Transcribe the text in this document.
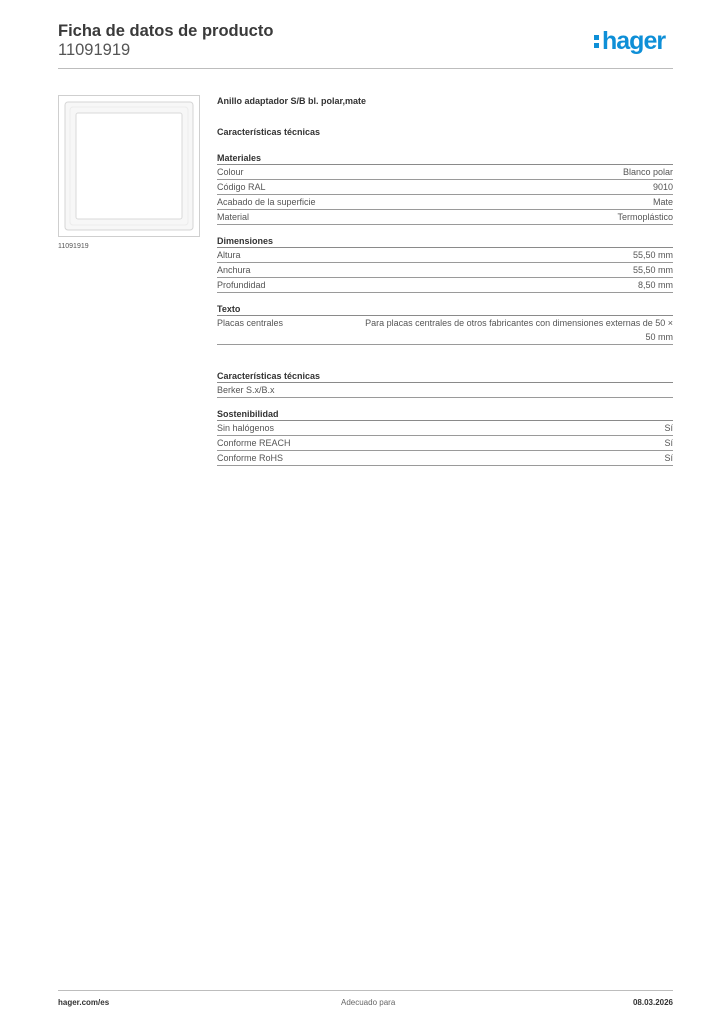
Ficha de datos de producto
11091919	hager
11091919
Anillo adaptador S/B bl. polar,mate
Características técnicas
Materiales
Colour	Blanco polar
Código RAL	9010
Acabado de la superficie	Mate
Material	Termoplástico
Dimensiones
Altura	55,50 mm
Anchura	55,50 mm
Profundidad	8,50 mm
Texto
Placas centrales	Para placas centrales de otros fabricantes con dimensiones externas de 50 × 50 mm
Características técnicas
Berker S.x/B.x
Sostenibilidad
Sin halógenos	Sí
Conforme REACH	Sí
Conforme RoHS	Sí
hager.com/es	Adecuado para	08.03.2026
